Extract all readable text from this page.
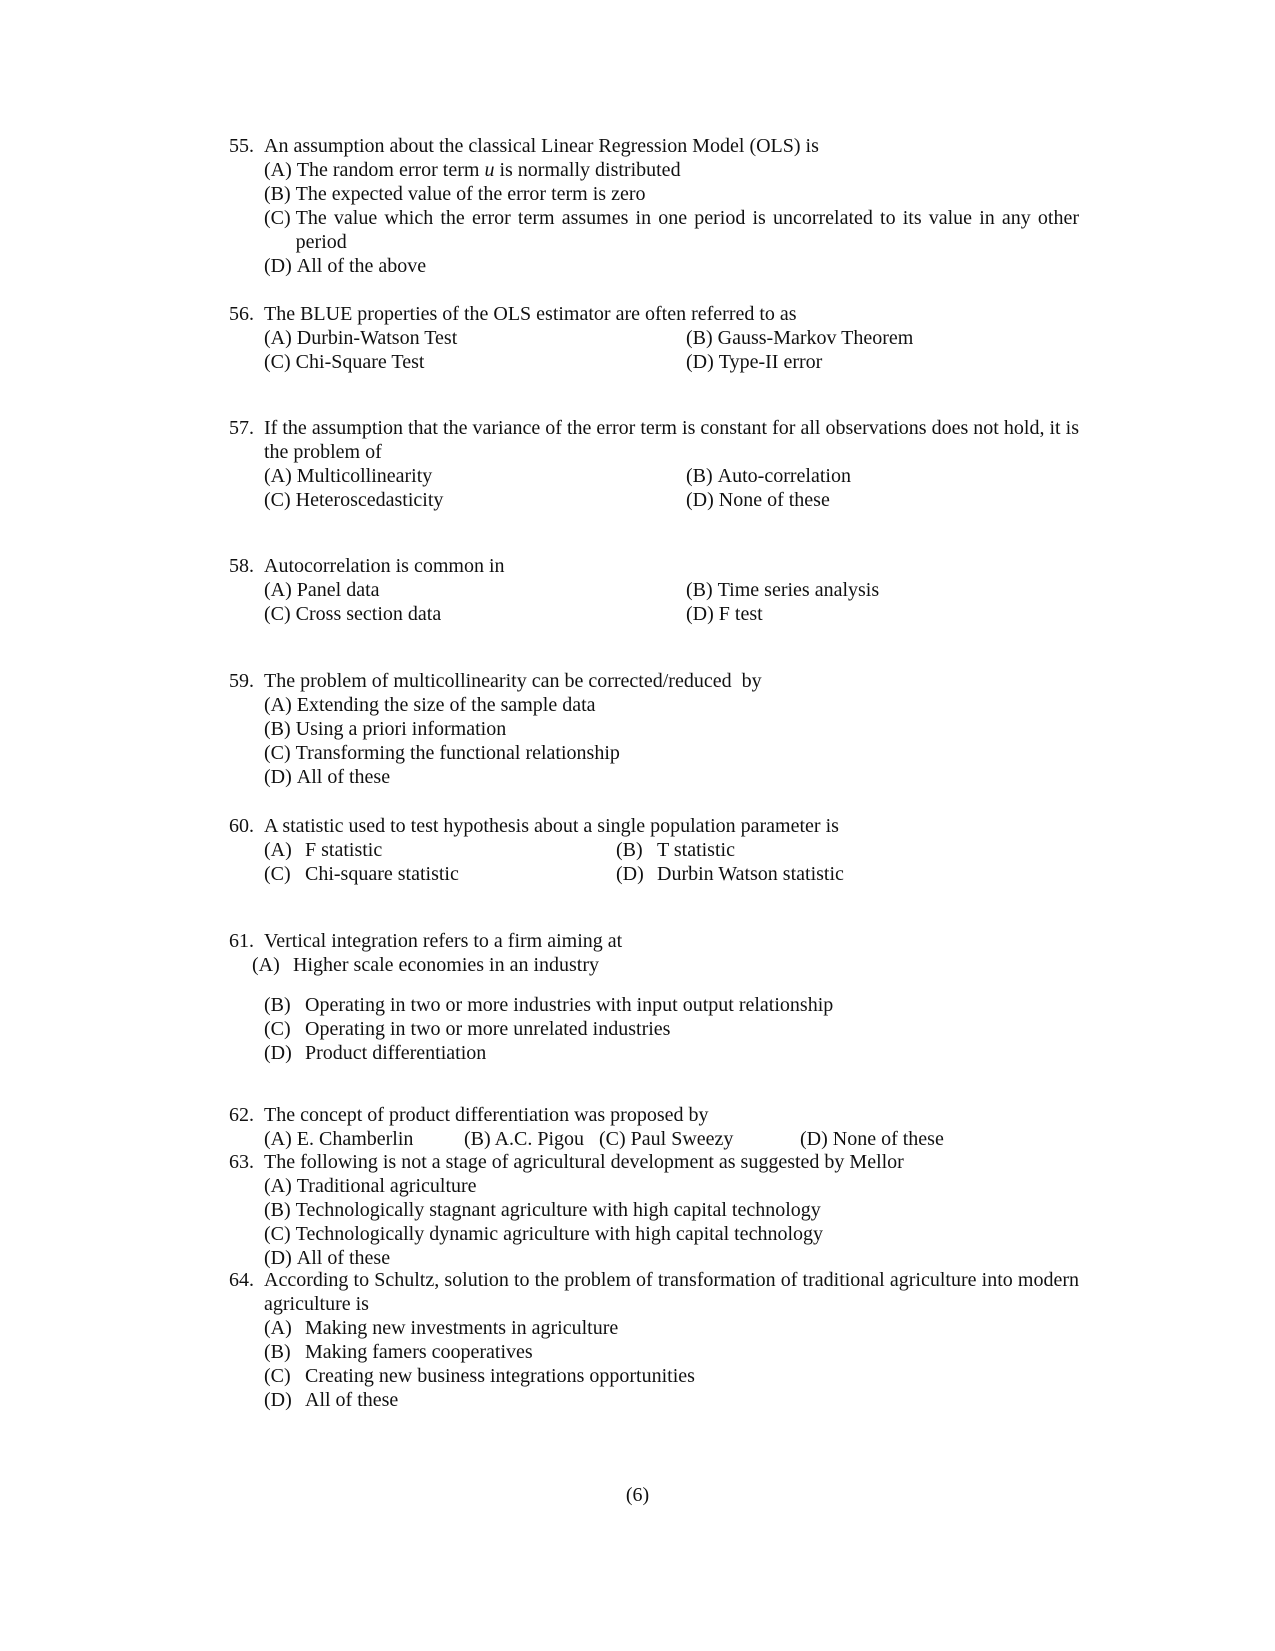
55. An assumption about the classical Linear Regression Model (OLS) is
(A) The random error term u is normally distributed
(B) The expected value of the error term is zero
(C) The value which the error term assumes in one period is uncorrelated to its value in any other period
(D) All of the above
56. The BLUE properties of the OLS estimator are often referred to as
(A) Durbin-Watson Test	(B) Gauss-Markov Theorem
(C) Chi-Square Test	(D) Type-II error
57. If the assumption that the variance of the error term is constant for all observations does not hold, it is the problem of
(A) Multicollinearity	(B) Auto-correlation
(C) Heteroscedasticity	(D) None of these
58. Autocorrelation is common in
(A) Panel data	(B) Time series analysis
(C) Cross section data	(D) F test
59. The problem of multicollinearity can be corrected/reduced  by
(A) Extending the size of the sample data
(B) Using a priori information
(C) Transforming the functional relationship
(D) All of these
60. A statistic used to test hypothesis about a single population parameter is
(A) F statistic	(B) T statistic
(C) Chi-square statistic	(D) Durbin Watson statistic
61. Vertical integration refers to a firm aiming at
(A) Higher scale economies in an industry
(B) Operating in two or more industries with input output relationship
(C) Operating in two or more unrelated industries
(D) Product differentiation
62. The concept of product differentiation was proposed by
(A) E. Chamberlin	(B) A.C. Pigou (C) Paul Sweezy	(D) None of these
63. The following is not a stage of agricultural development as suggested by Mellor
(A) Traditional agriculture
(B) Technologically stagnant agriculture with high capital technology
(C) Technologically dynamic agriculture with high capital technology
(D) All of these
64. According to Schultz, solution to the problem of transformation of traditional agriculture into modern agriculture is
(A) Making new investments in agriculture
(B) Making famers cooperatives
(C) Creating new business integrations opportunities
(D) All of these
(6)
